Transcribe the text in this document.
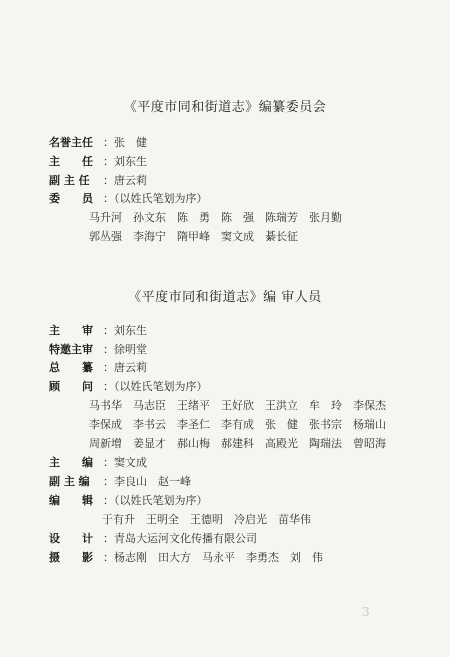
《平度市同和街道志》编纂委员会
名誉主任 ：张　健
主　　任 ：刘东生
副 主 任 ：唐云莉
委　　员 ：（以姓氏笔划为序）
马升河　孙文东　陈　勇　陈　强　陈瑞芳　张月勤
郭丛强　李海宁　隋甲峰　窦文成　綦长征
《平度市同和街道志》编 审人员
主　　审 ：刘东生
特邀主审 ：徐明堂
总　　纂 ：唐云莉
顾　　问 ：（以姓氏笔划为序）
马书华　马志臣　王绪平　王好欣　王洪立　牟　玲　李保杰
李保成　李书云　李圣仁　李有成　张　健　张书宗　杨瑞山
周新增　姜显才　郝山梅　郝建科　高殿光　陶瑞法　曾昭海
主　　编 ：窦文成
副 主 编 ：李良山　赵一峰
编　　辑 ：（以姓氏笔划为序）
于有升　王明全　王德明　冷启光　苗华伟
设　　计 ：青岛大运河文化传播有限公司
摄　　影 ：杨志刚　田大方　马永平　李勇杰　刘　伟
3
